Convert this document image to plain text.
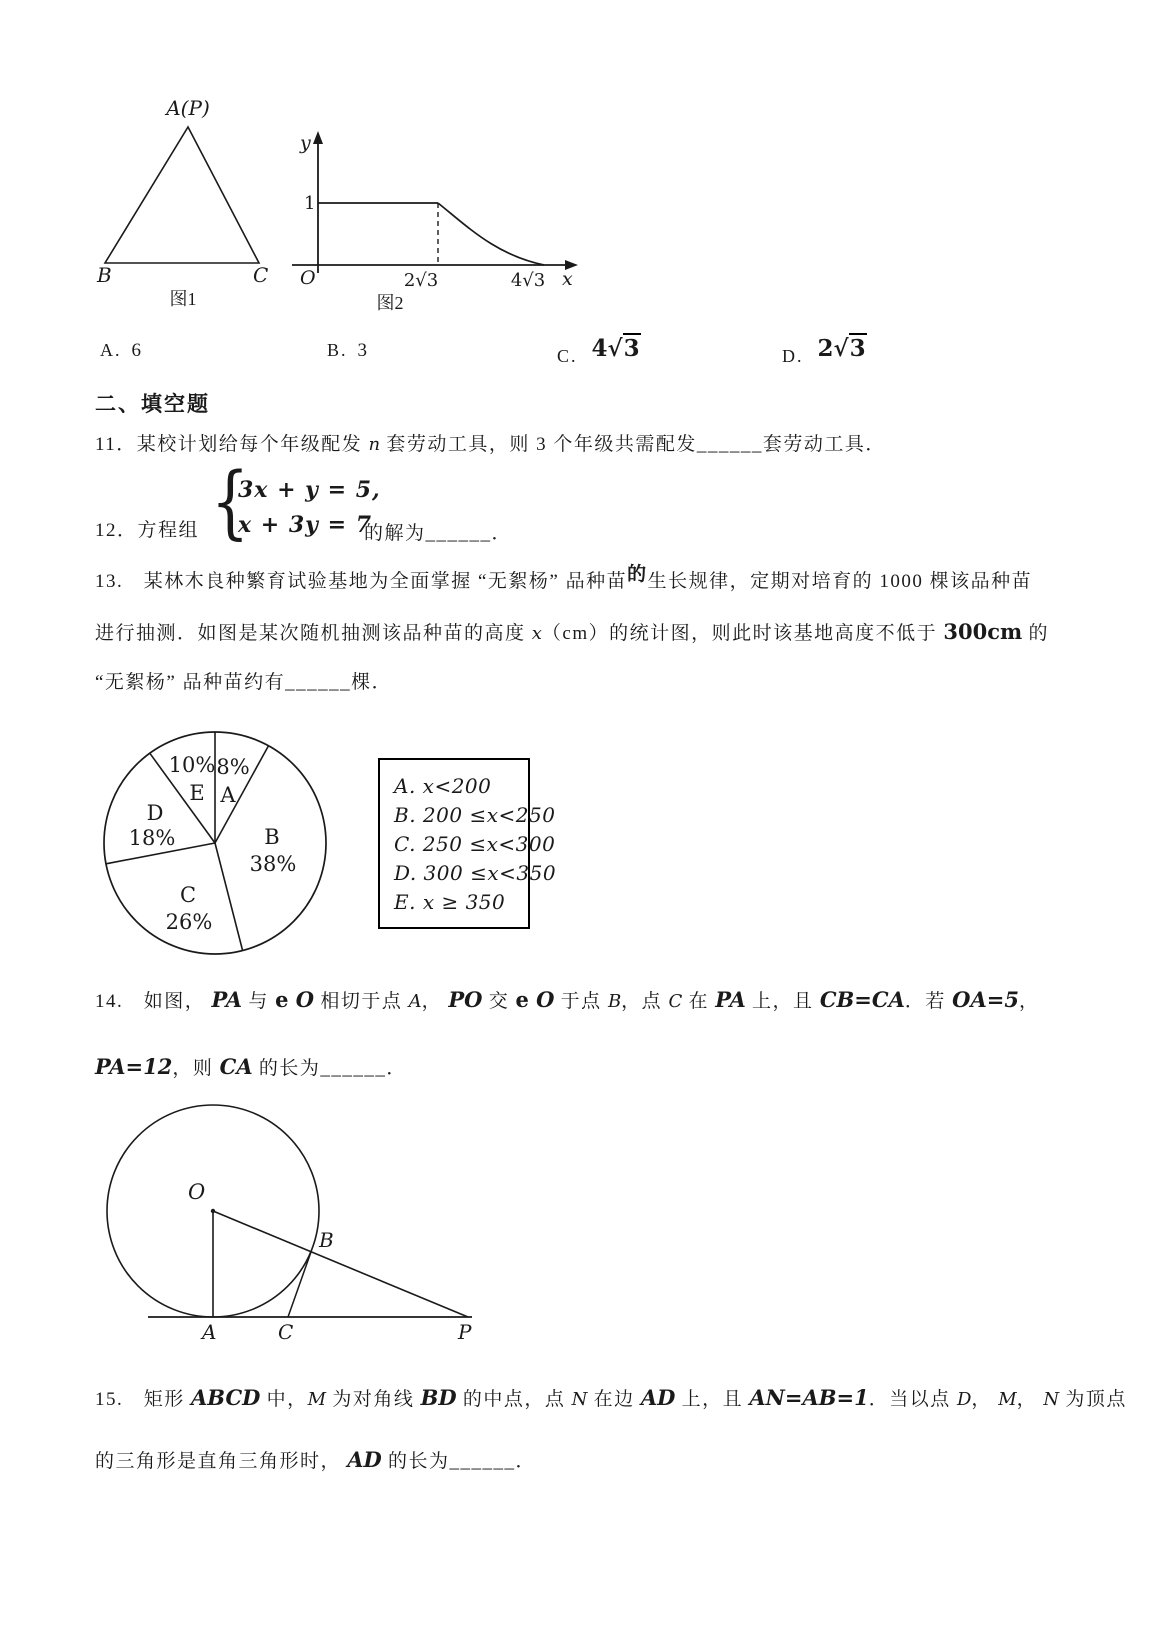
A(P)
B	C
图1
y
1
O	2√3	4√3 x
图2
A. 6	B. 3	C. 4√3	D. 2√3
二、填空题
11．某校计划给每个年级配发 n 套劳动工具，则 3 个年级共需配发______套劳动工具．
{
3x + y = 5,
x + 3y = 7
12．方程组	的解为______．
13.　某林木良种繁育试验基地为全面掌握 “无絮杨” 品种苗的生长规律，定期对培育的 1000 棵该品种苗
进行抽测．如图是某次随机抽测该品种苗的高度 x（cm）的统计图，则此时该基地高度不低于 300cm 的
“无絮杨” 品种苗约有______棵．
10%
E
8%
A
D
18%	B
38%
C
26%
A. x<200
B. 200 ≤x<250
C. 250 ≤x<300
D. 300 ≤x<350
E. x ≥ 350
14.　如图， PA 与 e O 相切于点 A， PO 交 e O 于点 B，点 C 在 PA 上，且 CB=CA．若 OA=5，
PA=12，则 CA 的长为______．
O
B
A	C	P
15.　矩形 ABCD 中，M 为对角线 BD 的中点，点 N 在边 AD 上，且 AN=AB=1．当以点 D， M， N 为顶点
的三角形是直角三角形时， AD 的长为______．
